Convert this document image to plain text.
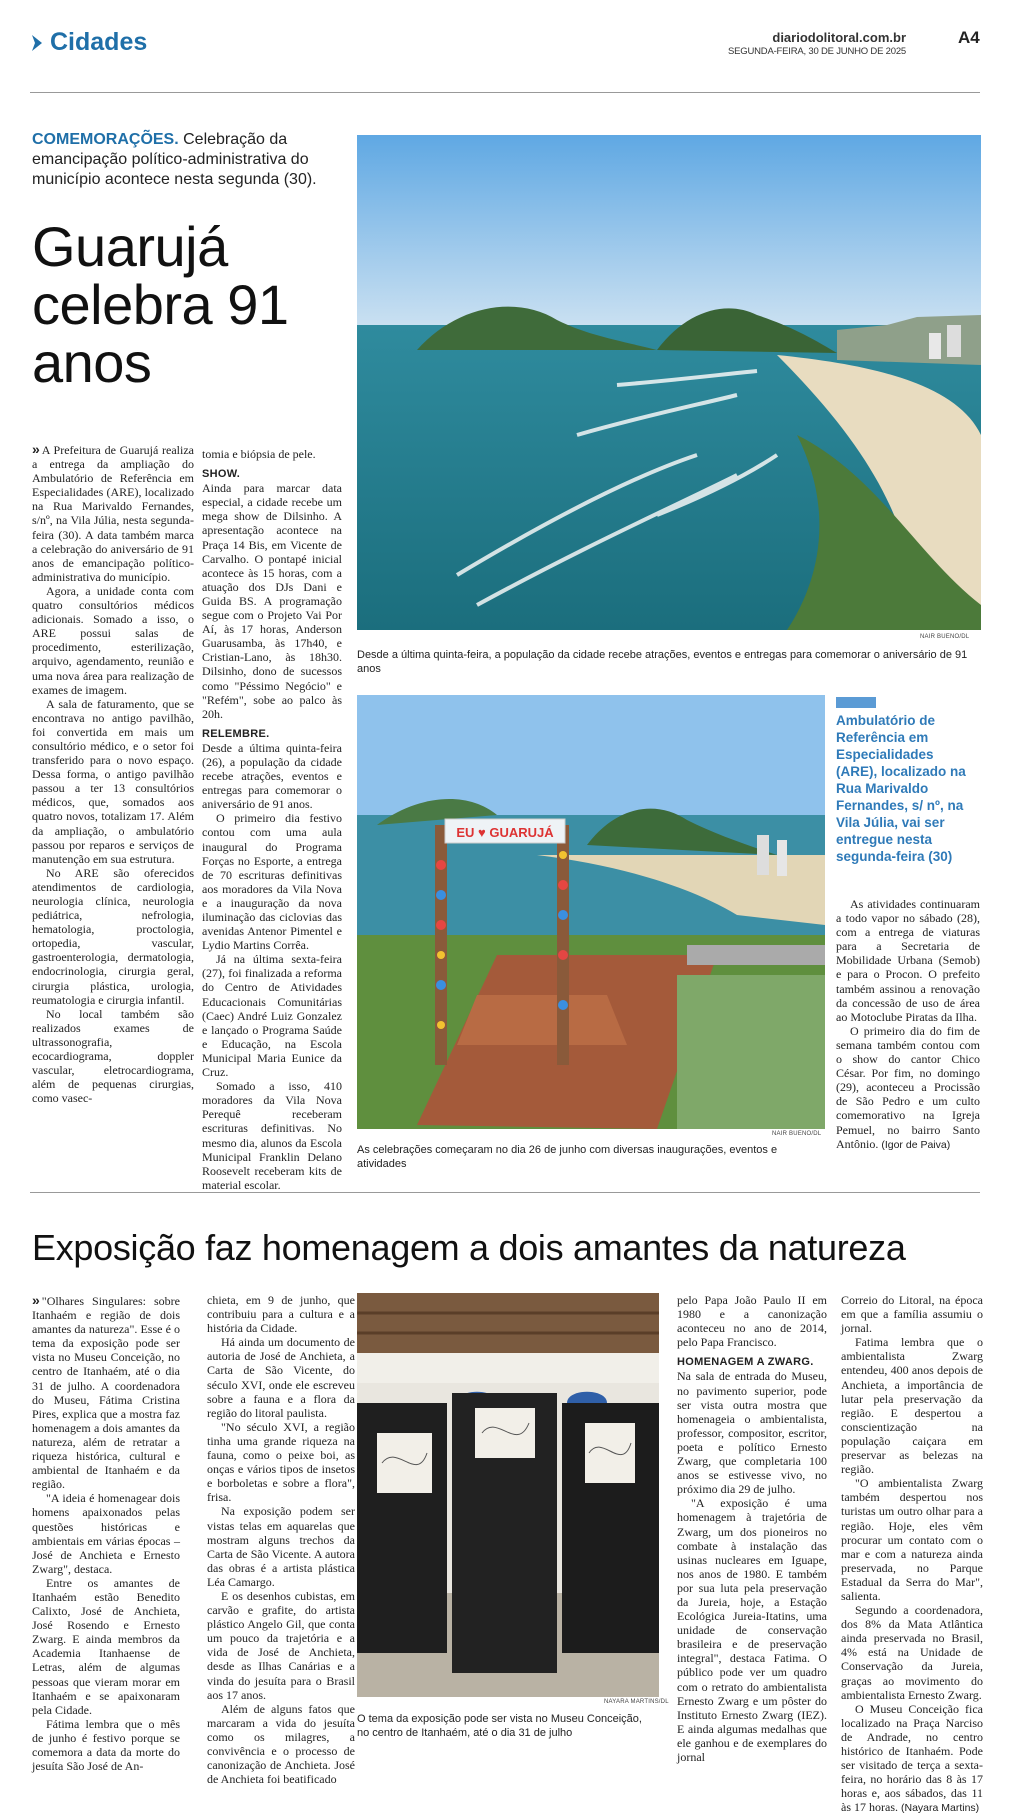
Cidades	diariodolitoral.com.br
SEGUNDA-FEIRA, 30 DE JUNHO DE 2025
A4
COMEMORAÇÕES. Celebração da emancipação político-administrativa do município acontece nesta segunda (30).
Guarujá celebra 91 anos

» A Prefeitura de Guarujá realiza a entrega da ampliação do Ambulatório de Referência em Especialidades (ARE), localizado na Rua Marivaldo Fernandes, s/nº, na Vila Júlia, nesta segunda-feira (30). A data também marca a celebração do aniversário de 91 anos de emancipação político-administrativa do município.

Agora, a unidade conta com quatro consultórios médicos adicionais. Somado a isso, o ARE possui salas de procedimento, esterilização, arquivo, agendamento, reunião e uma nova área para realização de exames de imagem.

A sala de faturamento, que se encontrava no antigo pavilhão, foi convertida em mais um consultório médico, e o setor foi transferido para o novo espaço. Dessa forma, o antigo pavilhão passou a ter 13 consultórios médicos, que, somados aos quatro novos, totalizam 17. Além da ampliação, o ambulatório passou por reparos e serviços de manutenção em sua estrutura.

No ARE são oferecidos atendimentos de cardiologia, neurologia clínica, neurologia pediátrica, nefrologia, hematologia, proctologia, ortopedia, vascular, gastroenterologia, dermatologia, endocrinologia, cirurgia geral, cirurgia plástica, urologia, reumatologia e cirurgia infantil.

No local também são realizados exames de ultrassonografia, ecocardiograma, doppler vascular, eletrocardiograma, além de pequenas cirurgias, como vasec-

tomia e biópsia de pele.

SHOW.

Ainda para marcar data especial, a cidade recebe um mega show de Dilsinho. A apresentação acontece na Praça 14 Bis, em Vicente de Carvalho. O pontapé inicial acontece às 15 horas, com a atuação dos DJs Dani e Guida BS. A programação segue com o Projeto Vai Por Aí, às 17 horas, Anderson Guarusamba, às 17h40, e Cristian-Lano, às 18h30. Dilsinho, dono de sucessos como "Péssimo Negócio" e "Refém", sobe ao palco às 20h.

RELEMBRE.

Desde a última quinta-feira (26), a população da cidade recebe atrações, eventos e entregas para comemorar o aniversário de 91 anos.

O primeiro dia festivo contou com uma aula inaugural do Programa Forças no Esporte, a entrega de 70 escrituras definitivas aos moradores da Vila Nova e a inauguração da nova iluminação das ciclovias das avenidas Antenor Pimentel e Lydio Martins Corrêa.

Já na última sexta-feira (27), foi finalizada a reforma do Centro de Atividades Educacionais Comunitárias (Caec) André Luiz Gonzalez e lançado o Programa Saúde e Educação, na Escola Municipal Maria Eunice da Cruz.

Somado a isso, 410 moradores da Vila Nova Perequê receberam escrituras definitivas. No mesmo dia, alunos da Escola Municipal Franklin Delano Roosevelt receberam kits de material escolar.

NAIR BUENO/DL
Desde a última quinta-feira, a população da cidade recebe atrações, eventos e entregas para comemorar o aniversário de 91 anos
EU ♥ GUARUJÁ
NAIR BUENO/DL
As celebrações começaram no dia 26 de junho com diversas inaugurações, eventos e atividades
Ambulatório de Referência em Especialidades (ARE), localizado na Rua Marivaldo Fernandes, s/ nº, na Vila Júlia, vai ser entregue nesta segunda-feira (30)

As atividades continuaram a todo vapor no sábado (28), com a entrega de viaturas para a Secretaria de Mobilidade Urbana (Semob) e para o Procon. O prefeito também assinou a renovação da concessão de uso de área ao Motoclube Piratas da Ilha.

O primeiro dia do fim de semana também contou com o show do cantor Chico César. Por fim, no domingo (29), aconteceu a Procissão de São Pedro e um culto comemorativo na Igreja Pemuel, no bairro Santo Antônio. (Igor de Paiva)

Exposição faz homenagem a dois amantes da natureza

» "Olhares Singulares: sobre Itanhaém e região de dois amantes da natureza". Esse é o tema da exposição pode ser vista no Museu Conceição, no centro de Itanhaém, até o dia 31 de julho. A coordenadora do Museu, Fátima Cristina Pires, explica que a mostra faz homenagem a dois amantes da natureza, além de retratar a riqueza histórica, cultural e ambiental de Itanhaém e da região.

"A ideia é homenagear dois homens apaixonados pelas questões históricas e ambientais em várias épocas – José de Anchieta e Ernesto Zwarg", destaca.

Entre os amantes de Itanhaém estão Benedito Calixto, José de Anchieta, José Rosendo e Ernesto Zwarg. E ainda membros da Academia Itanhaense de Letras, além de algumas pessoas que vieram morar em Itanhaém e se apaixonaram pela Cidade.

Fátima lembra que o mês de junho é festivo porque se comemora a data da morte do jesuíta São José de An-

chieta, em 9 de junho, que contribuiu para a cultura e a história da Cidade.

Há ainda um documento de autoria de José de Anchieta, a Carta de São Vicente, do século XVI, onde ele escreveu sobre a fauna e a flora da região do litoral paulista.

"No século XVI, a região tinha uma grande riqueza na fauna, como o peixe boi, as onças e vários tipos de insetos e borboletas e sobre a flora", frisa.

Na exposição podem ser vistas telas em aquarelas que mostram alguns trechos da Carta de São Vicente. A autora das obras é a artista plástica Léa Camargo.

E os desenhos cubistas, em carvão e grafite, do artista plástico Angelo Gil, que conta um pouco da trajetória e a vida de José de Anchieta, desde as Ilhas Canárias e a vinda do jesuíta para o Brasil aos 17 anos.

Além de alguns fatos que marcaram a vida do jesuíta como os milagres, a convivência e o processo de canonização de Anchieta. José de Anchieta foi beatificado

NAYARA MARTINS/DL
O tema da exposição pode ser vista no Museu Conceição, no centro de Itanhaém, até o dia 31 de julho

pelo Papa João Paulo II em 1980 e a canonização aconteceu no ano de 2014, pelo Papa Francisco.

HOMENAGEM A ZWARG.

Na sala de entrada do Museu, no pavimento superior, pode ser vista outra mostra que homenageia o ambientalista, professor, compositor, escritor, poeta e político Ernesto Zwarg, que completaria 100 anos se estivesse vivo, no próximo dia 29 de julho.

"A exposição é uma homenagem à trajetória de Zwarg, um dos pioneiros no combate à instalação das usinas nucleares em Iguape, nos anos de 1980. E também por sua luta pela preservação da Jureia, hoje, a Estação Ecológica Jureia-Itatins, uma unidade de conservação brasileira e de preservação integral", destaca Fatima. O público pode ver um quadro com o retrato do ambientalista Ernesto Zwarg e um pôster do Instituto Ernesto Zwarg (IEZ). E ainda algumas medalhas que ele ganhou e de exemplares do jornal

Correio do Litoral, na época em que a família assumiu o jornal.

Fatima lembra que o ambientalista Zwarg entendeu, 400 anos depois de Anchieta, a importância de lutar pela preservação da região. E despertou a conscientização na população caiçara em preservar as belezas na região.

"O ambientalista Zwarg também despertou nos turistas um outro olhar para a região. Hoje, eles vêm procurar um contato com o mar e com a natureza ainda preservada, no Parque Estadual da Serra do Mar", salienta.

Segundo a coordenadora, dos 8% da Mata Atlântica ainda preservada no Brasil, 4% está na Unidade de Conservação da Jureia, graças ao movimento do ambientalista Ernesto Zwarg.

O Museu Conceição fica localizado na Praça Narciso de Andrade, no centro histórico de Itanhaém. Pode ser visitado de terça a sexta-feira, no horário das 8 às 17 horas e, aos sábados, das 11 às 17 horas. (Nayara Martins)
